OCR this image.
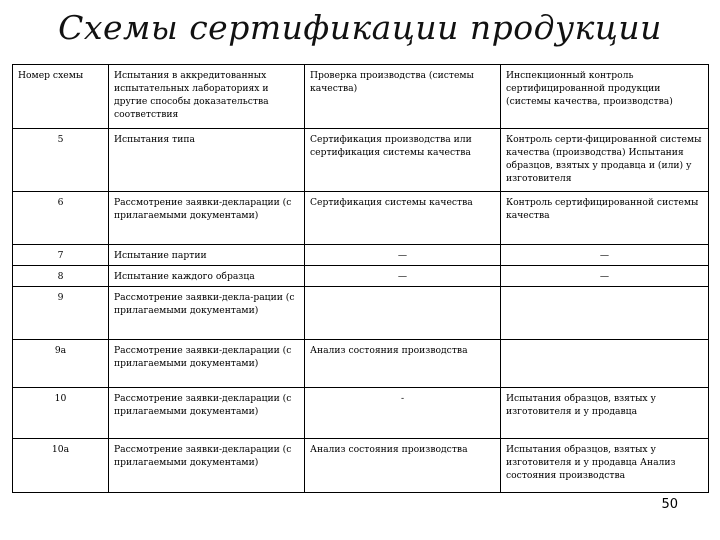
Схемы сертификации продукции
Номер схемы	Испытания в аккредитованных испытательных лабораториях и другие способы доказательства соответствия	Проверка производства (системы качества)	Инспекционный контроль сертифицированной продукции (системы качества, производства)
5	Испытания типа	Сертификация производства или сертификация системы качества	Контроль серти-фицированной системы качества (производства) Испытания образцов, взятых у продавца и (или) у изготовителя
6	Рассмотрение заявки-декларации (с прилагаемыми документами)	Сертификация системы качества	Контроль сертифицированной системы качества
7	Испытание партии	—	—
8	Испытание каждого образца	—	—
9	Рассмотрение заявки-декла-рации (с прилагаемыми документами)		
9а	Рассмотрение заявки-декларации (с прилагаемыми документами)	Анализ состояния производства	
10	Рассмотрение заявки-декларации (с прилагаемыми документами)	-	Испытания образцов, взятых у изготовителя и у продавца
10а	Рассмотрение заявки-декларации (с прилагаемыми документами)	Анализ состояния производства	Испытания образцов, взятых у изготовителя и у продавца Анализ состояния производства
50
